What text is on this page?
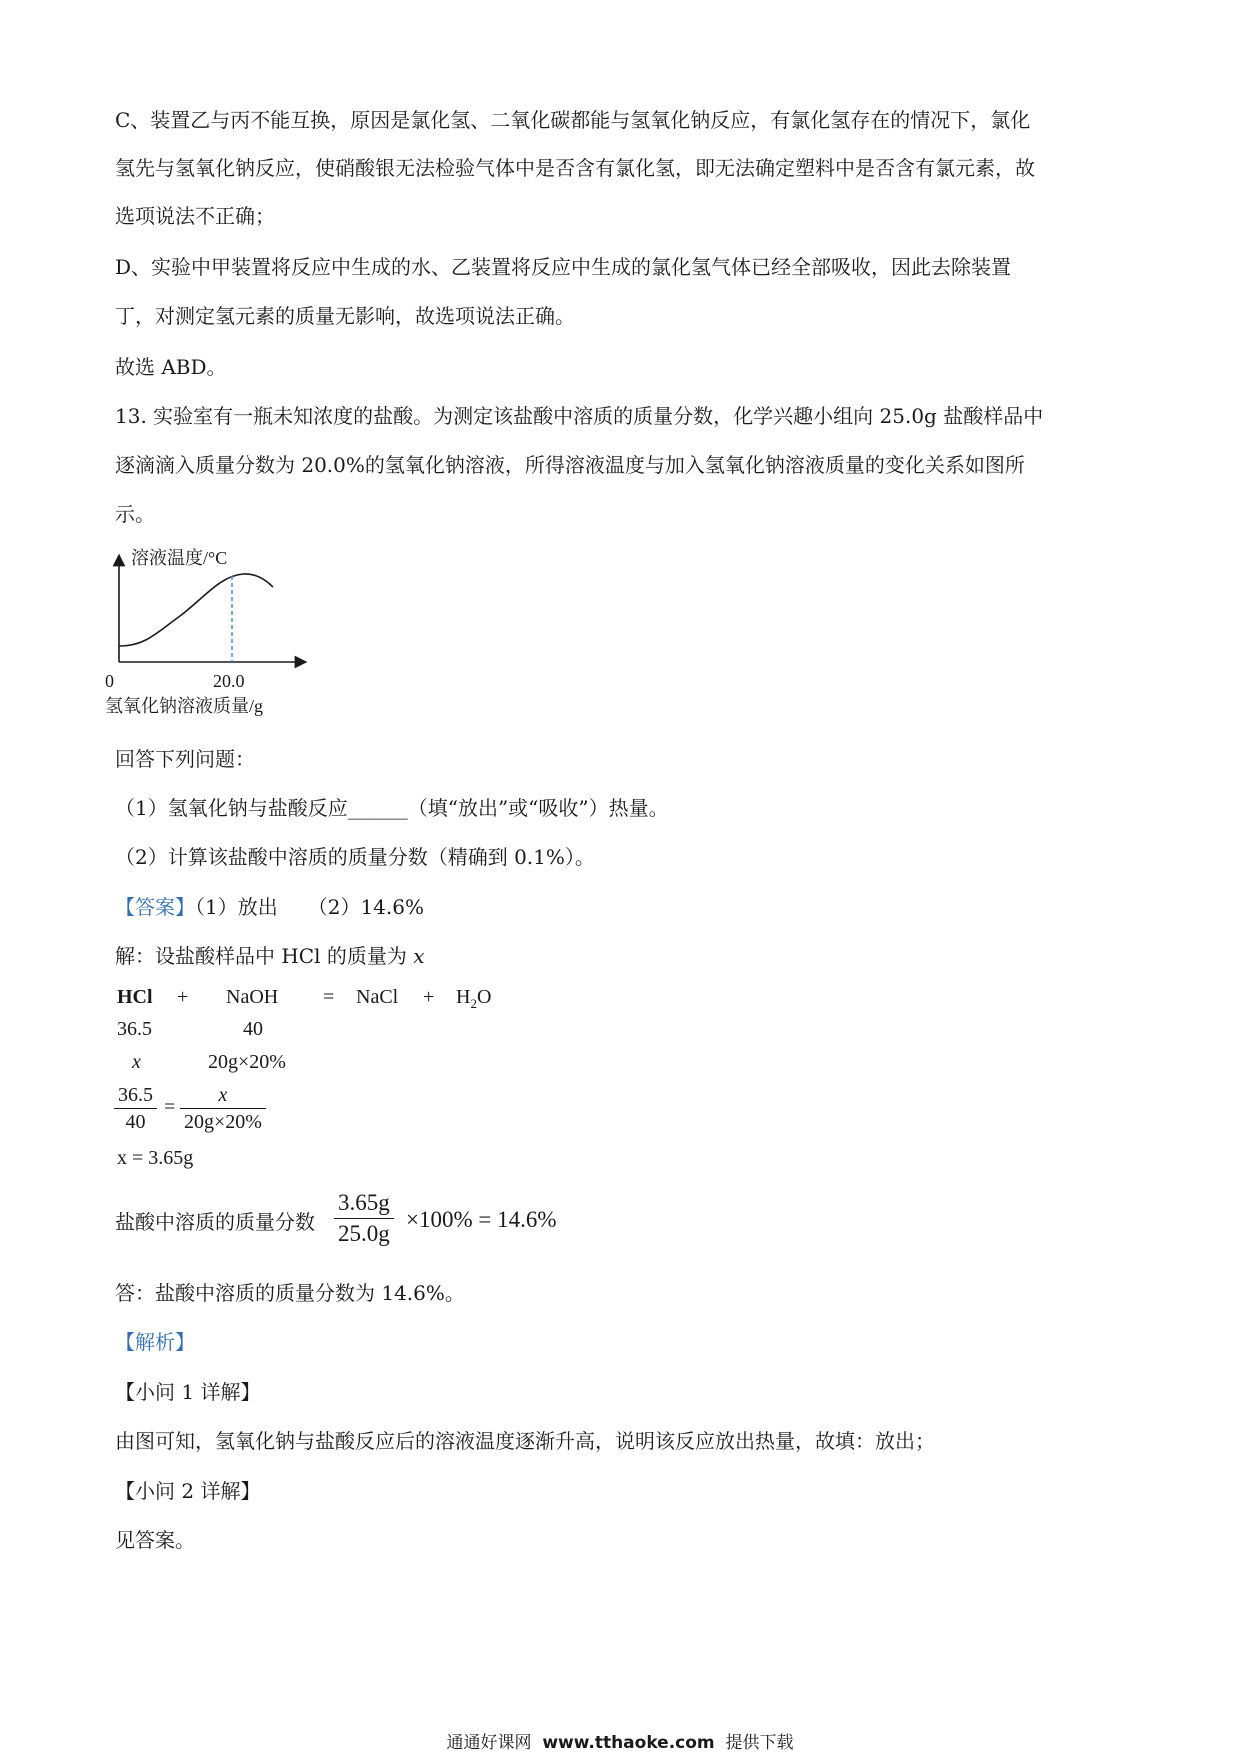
C、装置乙与丙不能互换，原因是氯化氢、二氧化碳都能与氢氧化钠反应，有氯化氢存在的情况下，氯化
氢先与氢氧化钠反应，使硝酸银无法检验气体中是否含有氯化氢，即无法确定塑料中是否含有氯元素，故
选项说法不正确；
D、实验中甲装置将反应中生成的水、乙装置将反应中生成的氯化氢气体已经全部吸收，因此去除装置
丁，对测定氢元素的质量无影响，故选项说法正确。
故选 ABD。
13. 实验室有一瓶未知浓度的盐酸。为测定该盐酸中溶质的质量分数，化学兴趣小组向 25.0g 盐酸样品中
逐滴滴入质量分数为 20.0%的氢氧化钠溶液，所得溶液温度与加入氢氧化钠溶液质量的变化关系如图所
示。
溶液温度/°C
0	20.0
氢氧化钠溶液质量/g
回答下列问题：
（1）氢氧化钠与盐酸反应______（填“放出”或“吸收”）热量。
（2）计算该盐酸中溶质的质量分数（精确到 0.1%）。
【答案】（1）放出　　（2）14.6%
解：设盐酸样品中 HCl 的质量为 x
HCl + NaOH = NaCl + $H_2O$
36.5	40
x	20g×20%
$\frac{36.5}{40} = \frac{x}{20g\times 20\%}$
x = 3.65g
盐酸中溶质的质量分数 $\frac{3.65g}{25.0g} \times 100\% = 14.6\%$
答：盐酸中溶质的质量分数为 14.6%。
【解析】
【小问 1 详解】
由图可知，氢氧化钠与盐酸反应后的溶液温度逐渐升高，说明该反应放出热量，故填：放出；
【小问 2 详解】
见答案。
通通好课网 www.tthaoke.com 提供下载
